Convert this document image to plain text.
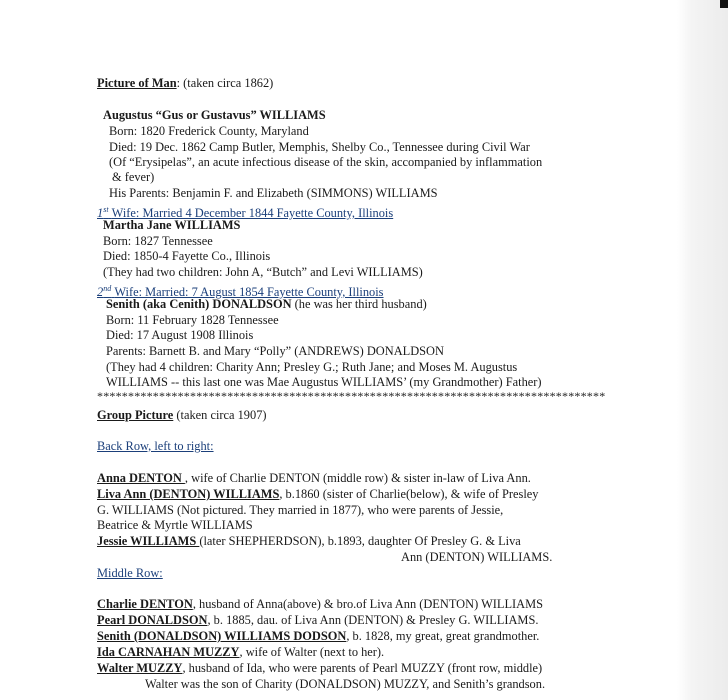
Picture of Man: (taken circa 1862)
Augustus “Gus or Gustavus” WILLIAMS
Born: 1820 Frederick County, Maryland
Died: 19 Dec. 1862 Camp Butler, Memphis, Shelby Co., Tennessee during Civil War
(Of “Erysipelas”, an acute infectious disease of the skin, accompanied by inflammation
& fever)
His Parents: Benjamin F. and Elizabeth (SIMMONS) WILLIAMS
1st Wife: Married 4 December 1844 Fayette County, Illinois
Martha Jane WILLIAMS
Born: 1827 Tennessee
Died: 1850-4 Fayette Co., Illinois
(They had two children: John A, “Butch” and Levi WILLIAMS)
2nd Wife: Married: 7 August 1854 Fayette County, Illinois
Senith (aka Cenith) DONALDSON (he was her third husband)
Born: 11 February 1828 Tennessee
Died: 17 August 1908 Illinois
Parents: Barnett B. and Mary “Polly” (ANDREWS) DONALDSON
(They had 4 children: Charity Ann; Presley G.; Ruth Jane; and Moses M. Augustus
WILLIAMS -- this last one was Mae Augustus WILLIAMS’ (my Grandmother) Father)
**********************************************************************************
Group Picture (taken circa 1907)
Back Row, left to right:
Anna DENTON , wife of Charlie DENTON (middle row) & sister in-law of Liva Ann.
Liva Ann (DENTON) WILLIAMS, b.1860 (sister of Charlie(below), & wife of Presley
G. WILLIAMS (Not pictured. They married in 1877), who were parents of Jessie,
Beatrice & Myrtle WILLIAMS
Jessie WILLIAMS (later SHEPHERDSON), b.1893, daughter Of Presley G. & Liva
Ann (DENTON) WILLIAMS.
Middle Row:
Charlie DENTON, husband of Anna(above) & bro.of Liva Ann (DENTON) WILLIAMS
Pearl DONALDSON, b. 1885, dau. of Liva Ann (DENTON) & Presley G. WILLIAMS.
Senith (DONALDSON) WILLIAMS DODSON, b. 1828, my great, great grandmother.
Ida CARNAHAN MUZZY, wife of Walter (next to her).
Walter MUZZY, husband of Ida, who were parents of Pearl MUZZY (front row, middle)
Walter was the son of Charity (DONALDSON) MUZZY, and Senith’s grandson.
